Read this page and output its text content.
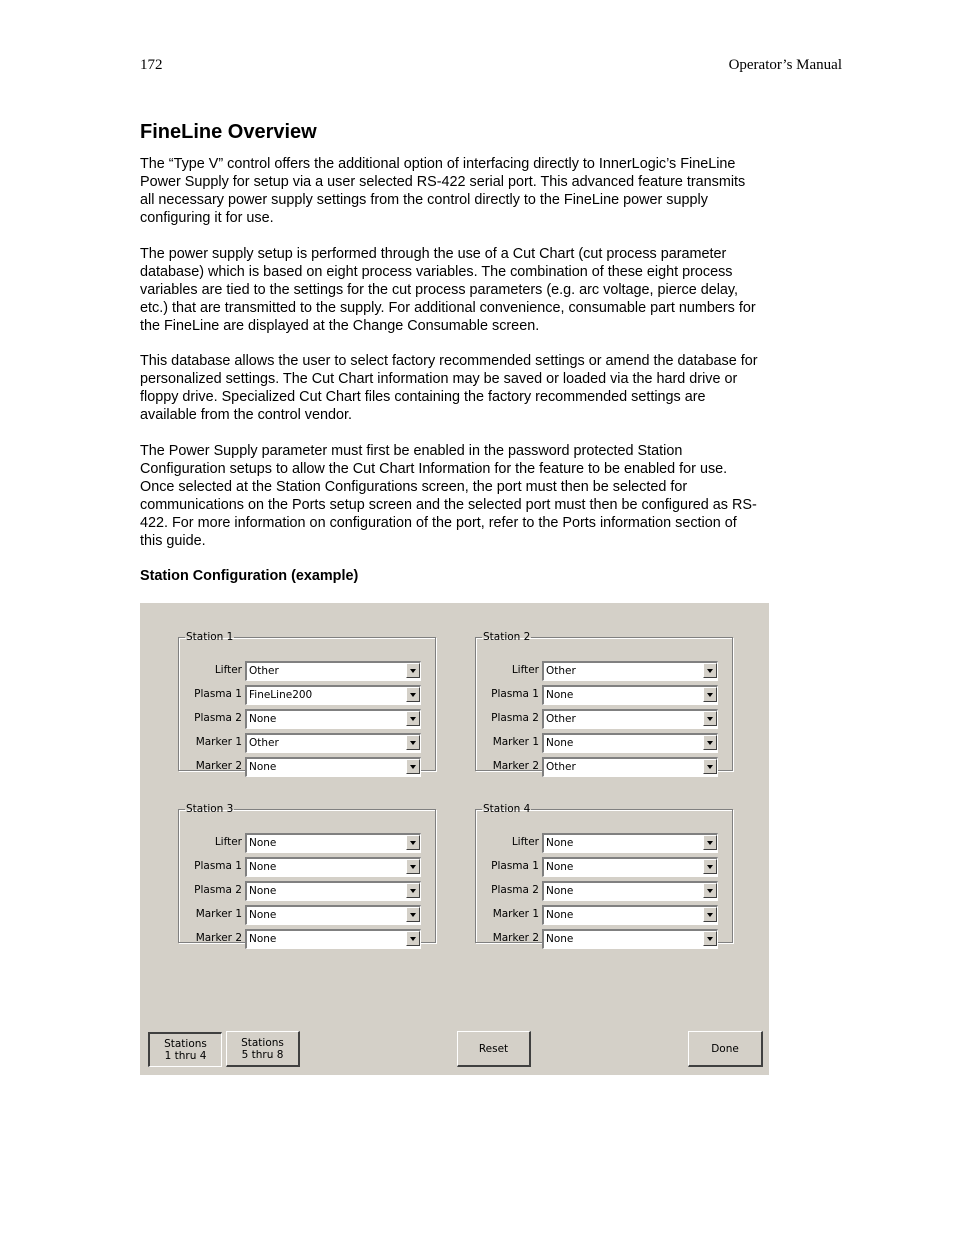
172	Operator’s Manual
FineLine Overview

The “Type V” control offers the additional option of interfacing directly to InnerLogic’s FineLine
Power Supply for setup via a user selected RS-422 serial port. This advanced feature transmits
all necessary power supply settings from the control directly to the FineLine power supply
configuring it for use.

The power supply setup is performed through the use of a Cut Chart (cut process parameter
database) which is based on eight process variables. The combination of these eight process
variables are tied to the settings for the cut process parameters (e.g. arc voltage, pierce delay,
etc.) that are transmitted to the supply. For additional convenience, consumable part numbers for
the FineLine are displayed at the Change Consumable screen.

This database allows the user to select factory recommended settings or amend the database for
personalized settings. The Cut Chart information may be saved or loaded via the hard drive or
floppy drive. Specialized Cut Chart files containing the factory recommended settings are
available from the control vendor.

The Power Supply parameter must first be enabled in the password protected Station
Configuration setups to allow the Cut Chart Information for the feature to be enabled for use.
Once selected at the Station Configurations screen, the port must then be selected for
communications on the Ports setup screen and the selected port must then be configured as RS-
422. For more information on configuration of the port, refer to the Ports information section of
this guide.

Station Configuration (example)
Station 1
Lifter Other
Plasma 1 FineLine200
Plasma 2 None
Marker 1 Other
Marker 2 None
Station 2
Lifter Other
Plasma 1 None
Plasma 2 Other
Marker 1 None
Marker 2 Other
Station 3
Lifter None
Plasma 1 None
Plasma 2 None
Marker 1 None
Marker 2 None
Station 4
Lifter None
Plasma 1 None
Plasma 2 None
Marker 1 None
Marker 2 None
Stations
1 thru 4
Stations
5 thru 8	Reset	Done
